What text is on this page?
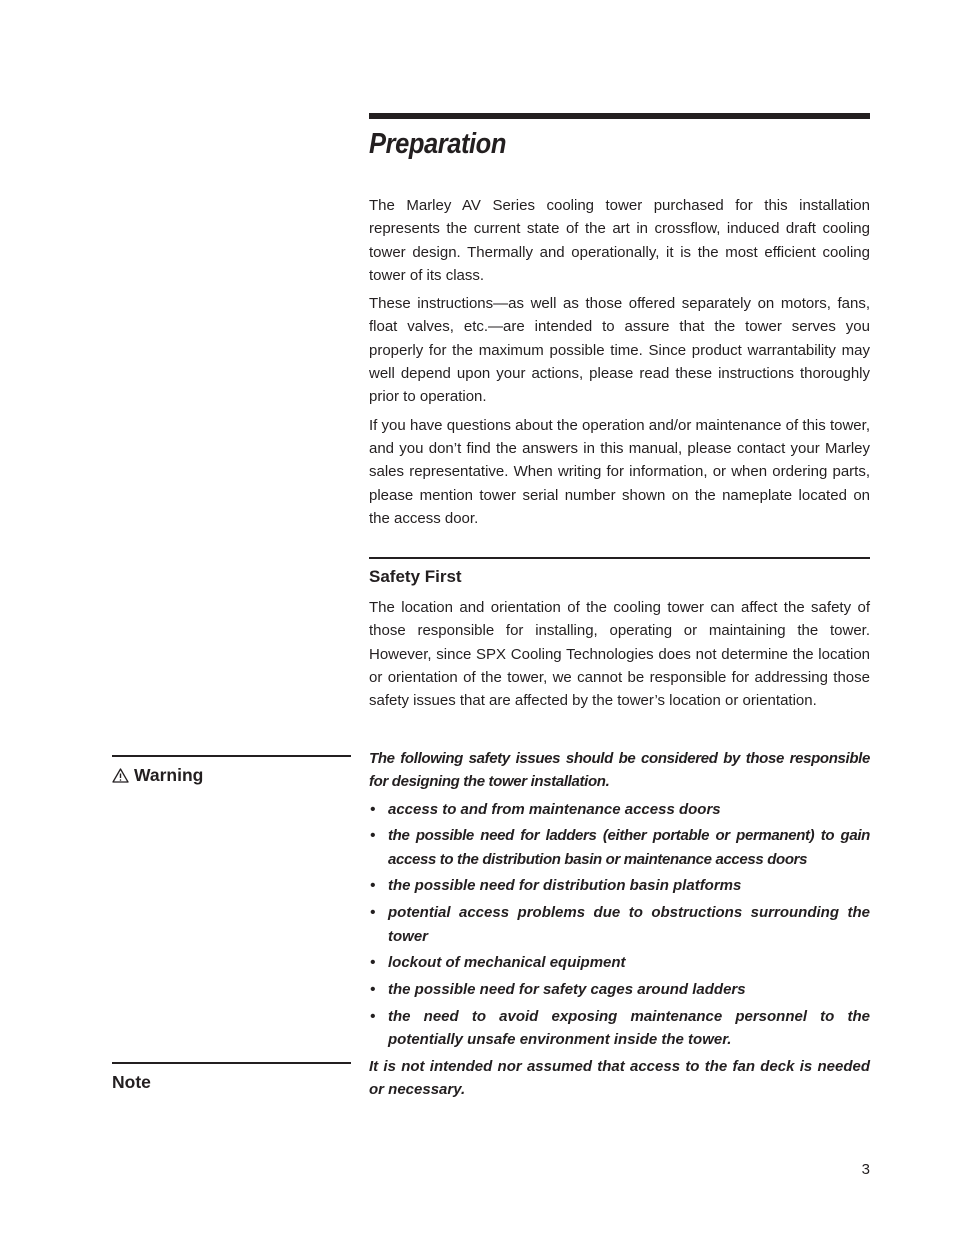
Preparation

The Marley AV Series cooling tower purchased for this installation represents the current state of the art in crossflow, induced draft cooling tower design. Thermally and operationally, it is the most efficient cooling tower of its class.

These instructions—as well as those offered separately on motors, fans, float valves, etc.—are intended to assure that the tower serves you properly for the maximum possible time. Since product warrantability may well depend upon your actions, please read these instructions thoroughly prior to operation.

If you have questions about the operation and/or maintenance of this tower, and you don’t find the answers in this manual, please contact your Marley sales representative. When writing for information, or when ordering parts, please mention tower serial number shown on the nameplate located on the access door.

Safety First

The location and orientation of the cooling tower can affect the safety of those responsible for installing, operating or maintaining the tower. However, since SPX Cooling Technologies does not determine the location or orientation of the tower, we cannot be responsible for addressing those safety issues that are affected by the tower’s location or orientation.

Warning

The following safety issues should be considered by those responsible for designing the tower installation.

• access to and from maintenance access doors
• the possible need for ladders (either portable or permanent) to gain access to the distribution basin or maintenance access doors
• the possible need for distribution basin platforms
• potential access problems due to obstructions surrounding the tower
• lockout of mechanical equipment
• the possible need for safety cages around ladders
• the need to avoid exposing maintenance personnel to the potentially unsafe environment inside the tower.

Note

It is not intended nor assumed that access to the fan deck is needed or necessary.

3
